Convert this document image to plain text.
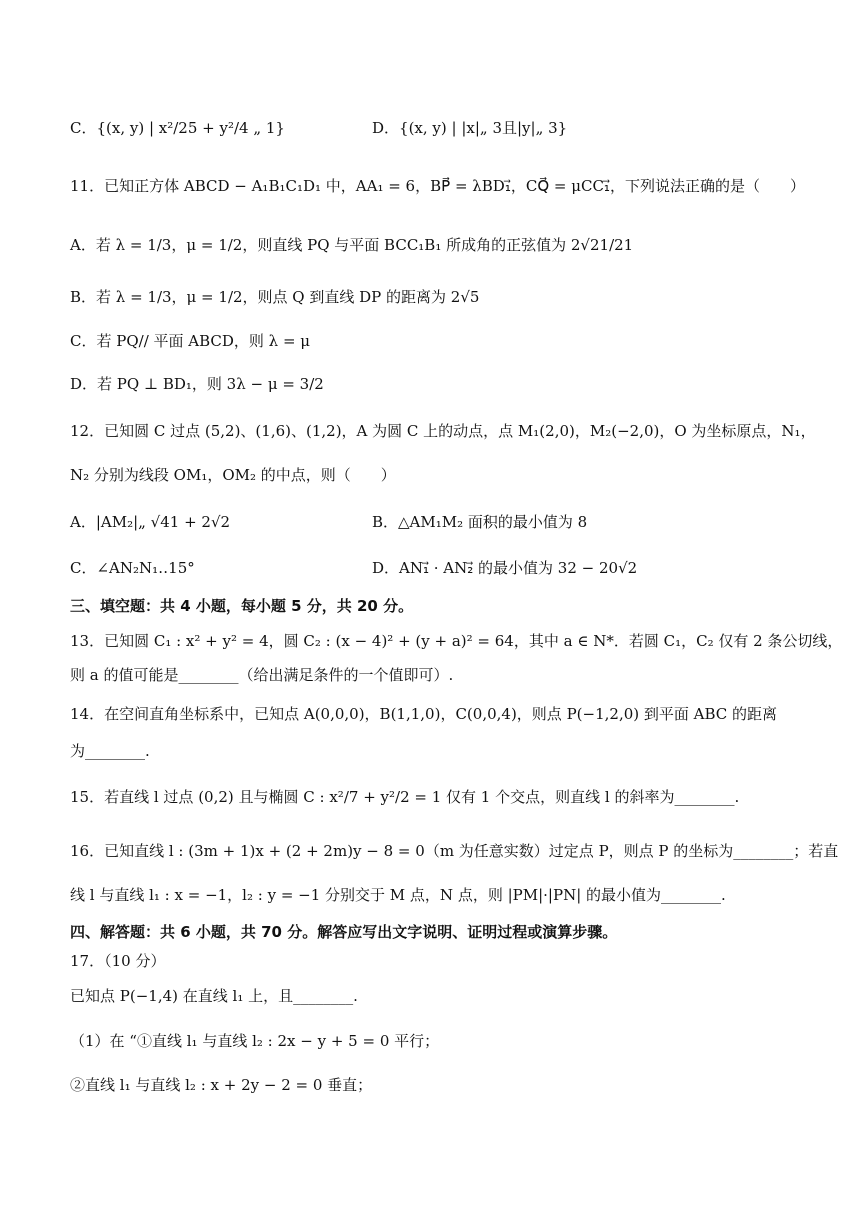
C．{(x, y) | x²/25 + y²/4 „ 1}	D．{(x, y) | |x|„ 3且|y|„ 3}
11．已知正方体 ABCD − A₁B₁C₁D₁ 中，AA₁ = 6，BP⃗ = λBD₁⃗，CQ⃗ = μCC₁⃗，下列说法正确的是（　　）
A．若 λ = 1/3，μ = 1/2，则直线 PQ 与平面 BCC₁B₁ 所成角的正弦值为 2√21/21
B．若 λ = 1/3，μ = 1/2，则点 Q 到直线 DP 的距离为 2√5
C．若 PQ// 平面 ABCD，则 λ = μ
D．若 PQ ⊥ BD₁，则 3λ − μ = 3/2
12．已知圆 C 过点 (5,2)、(1,6)、(1,2)，A 为圆 C 上的动点，点 M₁(2,0)，M₂(−2,0)，O 为坐标原点，N₁，
N₂ 分别为线段 OM₁，OM₂ 的中点，则（　　）
A．|AM₂|„ √41 + 2√2	B．△AM₁M₂ 面积的最小值为 8
C．∠AN₂N₁‥15°	D．AN₁⃗ · AN₂⃗ 的最小值为 32 − 20√2
三、填空题：共 4 小题，每小题 5 分，共 20 分。
13．已知圆 C₁ : x² + y² = 4，圆 C₂ : (x − 4)² + (y + a)² = 64，其中 a ∈ N*．若圆 C₁，C₂ 仅有 2 条公切线，
则 a 的值可能是________（给出满足条件的一个值即可）.
14．在空间直角坐标系中，已知点 A(0,0,0)，B(1,1,0)，C(0,0,4)，则点 P(−1,2,0) 到平面 ABC 的距离
为________.
15．若直线 l 过点 (0,2) 且与椭圆 C : x²/7 + y²/2 = 1 仅有 1 个交点，则直线 l 的斜率为________.
16．已知直线 l : (3m + 1)x + (2 + 2m)y − 8 = 0（m 为任意实数）过定点 P，则点 P 的坐标为________；若直
线 l 与直线 l₁ : x = −1，l₂ : y = −1 分别交于 M 点，N 点，则 |PM|·|PN| 的最小值为________.
四、解答题：共 6 小题，共 70 分。解答应写出文字说明、证明过程或演算步骤。
17．（10 分）
已知点 P(−1,4) 在直线 l₁ 上，且________.
（1）在 “①直线 l₁ 与直线 l₂ : 2x − y + 5 = 0 平行；
②直线 l₁ 与直线 l₂ : x + 2y − 2 = 0 垂直；
